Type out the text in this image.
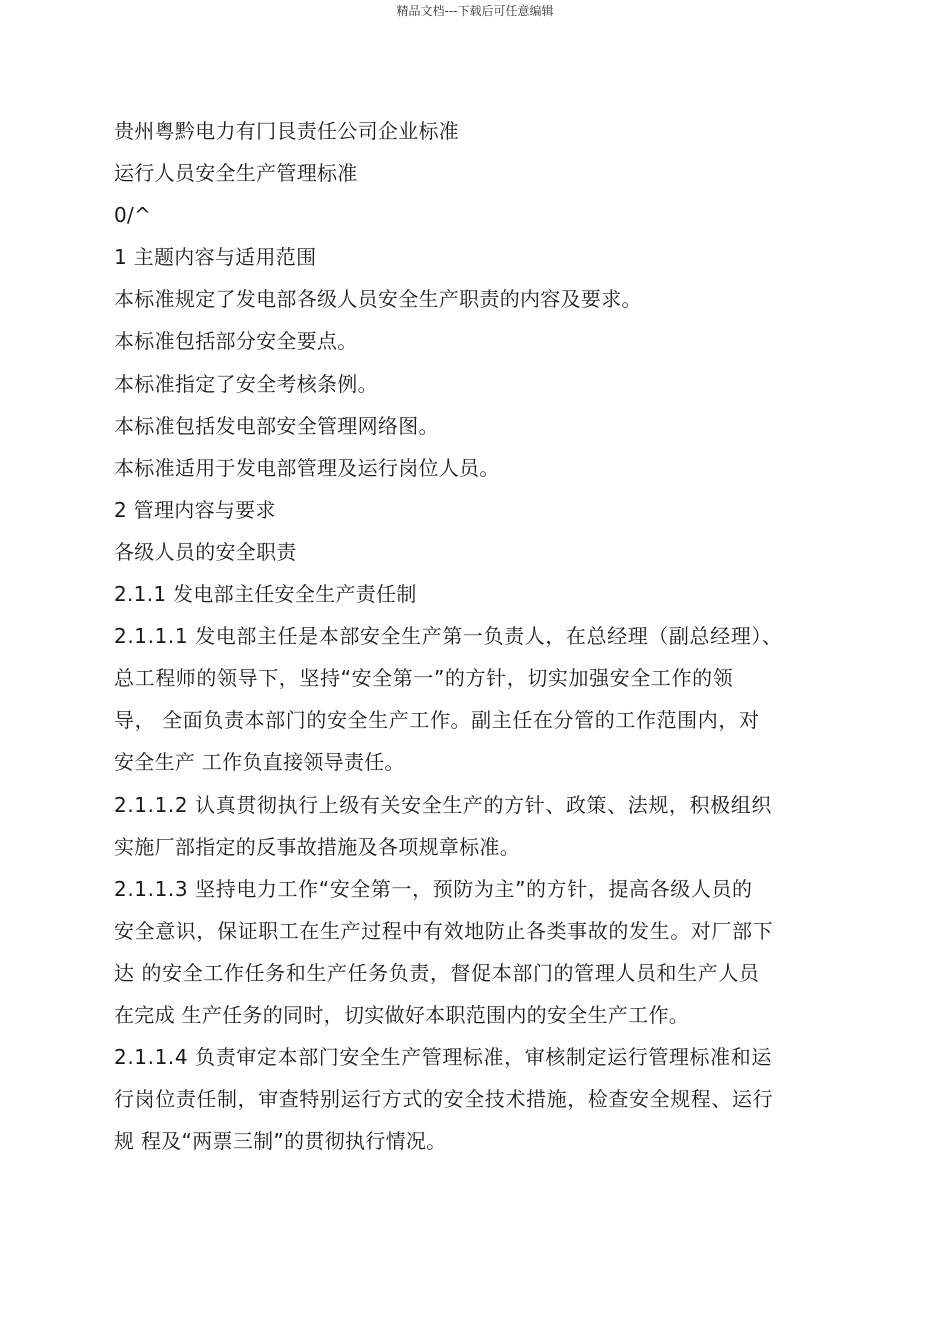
精品文档---下载后可任意编辑
贵州粤黔电力有冂艮责任公司企业标准
运行人员安全生产管理标准
0/^
1 主题内容与适用范围
本标准规定了发电部各级人员安全生产职责的内容及要求。
本标准包括部分安全要点。
本标准指定了安全考核条例。
本标准包括发电部安全管理网络图。
本标准适用于发电部管理及运行岗位人员。
2 管理内容与要求
各级人员的安全职责
2.1.1 发电部主任安全生产责任制
2.1.1.1 发电部主任是本部安全生产第一负责人，在总经理（副总经理）、
总工程师的领导下，坚持“安全第一”的方针，切实加强安全工作的领
导， 全面负责本部门的安全生产工作。副主任在分管的工作范围内，对
安全生产 工作负直接领导责任。
2.1.1.2 认真贯彻执行上级有关安全生产的方针、政策、法规，积极组织
实施厂部指定的反事故措施及各项规章标准。
2.1.1.3 坚持电力工作“安全第一，预防为主”的方针，提高各级人员的
安全意识，保证职工在生产过程中有效地防止各类事故的发生。对厂部下
达 的安全工作任务和生产任务负责，督促本部门的管理人员和生产人员
在完成 生产任务的同时，切实做好本职范围内的安全生产工作。
2.1.1.4 负责审定本部门安全生产管理标准，审核制定运行管理标准和运
行岗位责任制，审查特别运行方式的安全技术措施，检查安全规程、运行
规 程及“两票三制”的贯彻执行情况。
